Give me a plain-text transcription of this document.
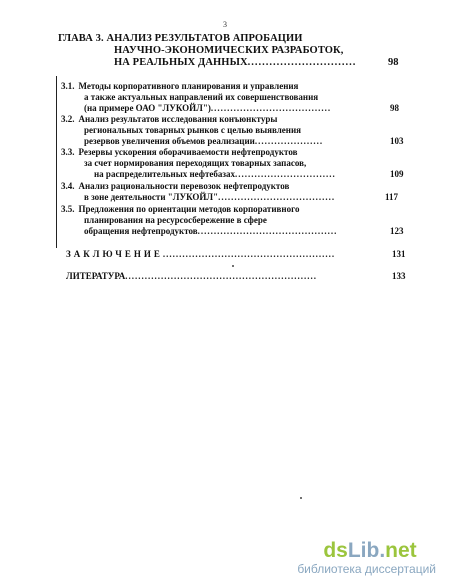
3
ГЛАВА 3. АНАЛИЗ РЕЗУЛЬТАТОВ АПРОБАЦИИ
НАУЧНО-ЭКОНОМИЧЕСКИХ РАЗРАБОТОК,
НА РЕАЛЬНЫХ ДАННЫХ..............................	98
3.1. Методы корпоративного планирования и управления
а также актуальных направлений их совершенствования
(на примере ОАО "ЛУКОЙЛ").....................................	98
3.2. Анализ результатов исследования конъюнктуры
региональных товарных рынков с целью выявления
резервов увеличения объемов реализации.....................	103
3.3. Резервы ускорения оборачиваемости нефтепродуктов
за счет нормирования переходящих товарных запасов,
на распределительных нефтебазах...............................	109
3.4. Анализ рациональности перевозок нефтепродуктов
в зоне деятельности "ЛУКОЙЛ"....................................	117
3.5. Предложения по ориентации методов корпоративного
планирования на ресурсосбережение в сфере
обращения нефтепродуктов...........................................	123
ЗАКЛЮЧЕНИЕ.....................................................	131
ЛИТЕРАТУРА...........................................................	133
dsLib.net
библиотека диссертаций
